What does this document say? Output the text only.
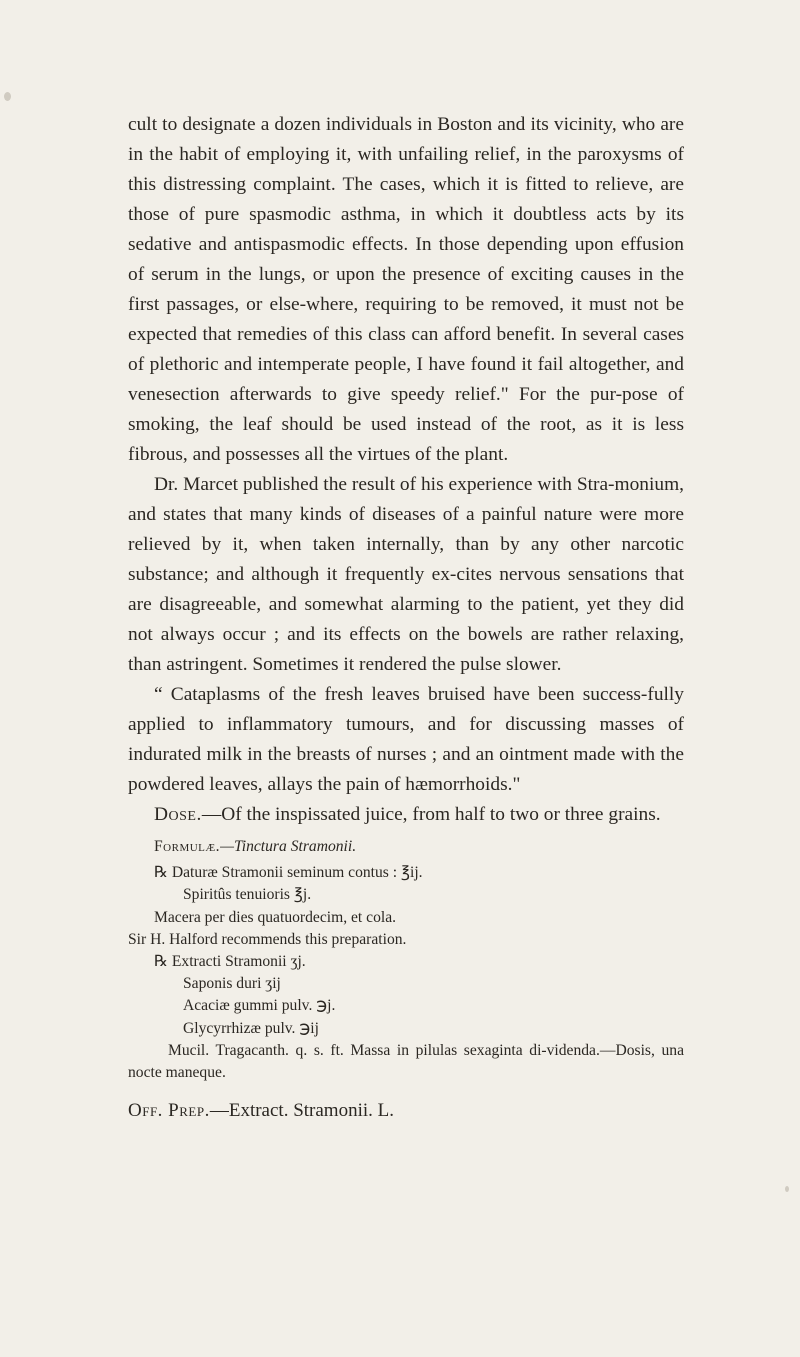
cult to designate a dozen individuals in Boston and its vicinity, who are in the habit of employing it, with unfailing relief, in the paroxysms of this distressing complaint. The cases, which it is fitted to relieve, are those of pure spasmodic asthma, in which it doubtless acts by its sedative and antispasmodic effects. In those depending upon effusion of serum in the lungs, or upon the presence of exciting causes in the first passages, or else-where, requiring to be removed, it must not be expected that remedies of this class can afford benefit. In several cases of plethoric and intemperate people, I have found it fail altogether, and venesection afterwards to give speedy relief." For the pur-pose of smoking, the leaf should be used instead of the root, as it is less fibrous, and possesses all the virtues of the plant.

Dr. Marcet published the result of his experience with Stra-monium, and states that many kinds of diseases of a painful nature were more relieved by it, when taken internally, than by any other narcotic substance; and although it frequently ex-cites nervous sensations that are disagreeable, and somewhat alarming to the patient, yet they did not always occur ; and its effects on the bowels are rather relaxing, than astringent. Sometimes it rendered the pulse slower.

“ Cataplasms of the fresh leaves bruised have been success-fully applied to inflammatory tumours, and for discussing masses of indurated milk in the breasts of nurses ; and an ointment made with the powdered leaves, allays the pain of hæmorrhoids."

Dose.—Of the inspissated juice, from half to two or three grains.

Formulæ.—Tinctura Stramonii.

℞ Daturæ Stramonii seminum contus : ℥ij.

Spiritûs tenuioris ℥j.

Macera per dies quatuordecim, et cola.

Sir H. Halford recommends this preparation.

℞ Extracti Stramonii ʒj.

Saponis duri ʒij

Acaciæ gummi pulv. ℈j.

Glycyrrhizæ pulv. ℈ij

Mucil. Tragacanth. q. s. ft. Massa in pilulas sexaginta di-videnda.—Dosis, una nocte maneque.

Off. Prep.—Extract. Stramonii. L.
